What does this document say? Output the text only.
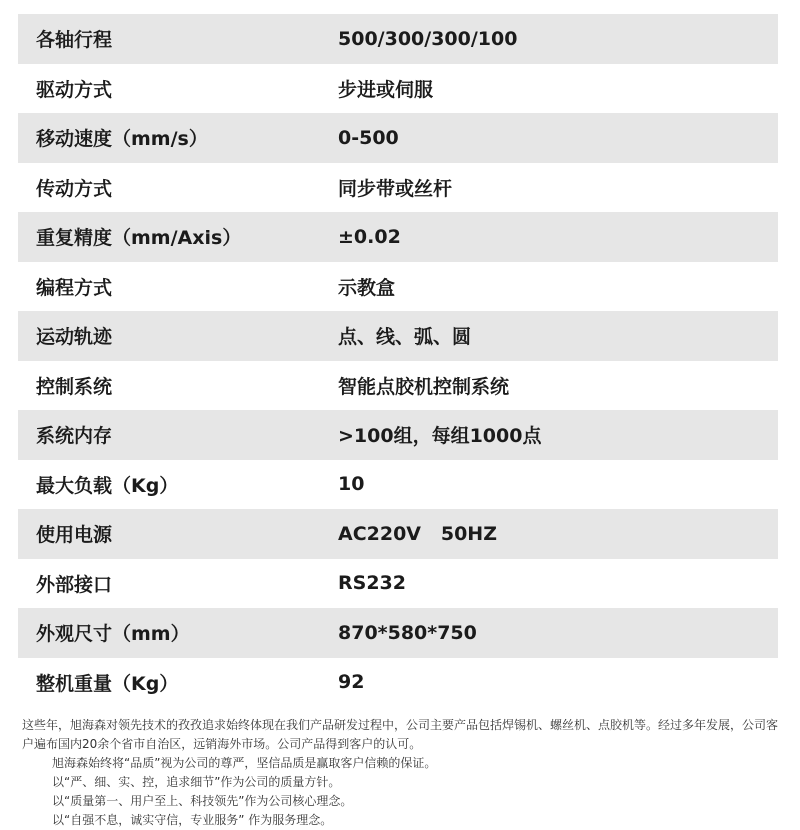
各轴行程	500/300/300/100
驱动方式	步进或伺服
移动速度（mm/s）	0-500
传动方式	同步带或丝杆
重复精度（mm/Axis）	±0.02
编程方式	示教盒
运动轨迹	点、线、弧、圆
控制系统	智能点胶机控制系统
系统内存	>100组，每组1000点
最大负载（Kg）	10
使用电源	AC220V   50HZ
外部接口	RS232
外观尺寸（mm）	870*580*750
整机重量（Kg）	92

这些年，旭海森对领先技术的孜孜追求始终体现在我们产品研发过程中，公司主要产品包括焊锡机、螺丝机、点胶机等。经过多年发展，公司客户遍布国内20余个省市自治区，远销海外市场。公司产品得到客户的认可。

旭海森始终将“品质”视为公司的尊严，坚信品质是赢取客户信赖的保证。

以“严、细、实、控，追求细节”作为公司的质量方针。

以“质量第一、用户至上、科技领先”作为公司核心理念。

以“自强不息，诚实守信，专业服务” 作为服务理念。
